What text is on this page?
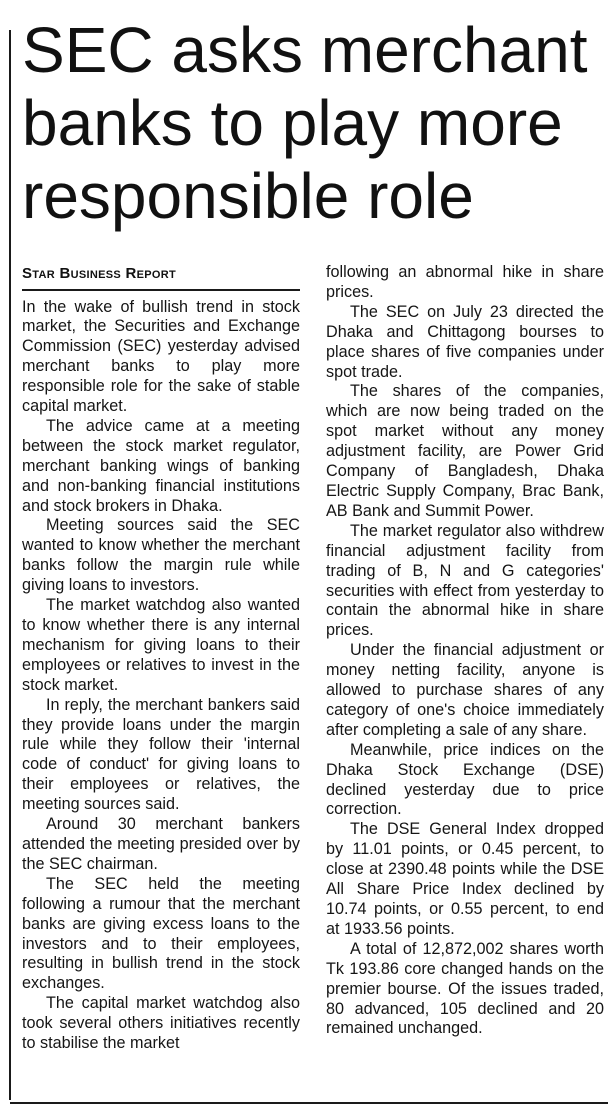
SEC asks merchant banks to play more responsible role
Star Business Report

In the wake of bullish trend in stock market, the Securities and Exchange Commission (SEC) yesterday advised merchant banks to play more responsible role for the sake of stable capital market.

The advice came at a meeting between the stock market regulator, merchant banking wings of banking and non-banking financial institutions and stock brokers in Dhaka.

Meeting sources said the SEC wanted to know whether the merchant banks follow the margin rule while giving loans to investors.

The market watchdog also wanted to know whether there is any internal mechanism for giving loans to their employees or relatives to invest in the stock market.

In reply, the merchant bankers said they provide loans under the margin rule while they follow their 'internal code of conduct' for giving loans to their employees or relatives, the meeting sources said.

Around 30 merchant bankers attended the meeting presided over by the SEC chairman.

The SEC held the meeting following a rumour that the merchant banks are giving excess loans to the investors and to their employees, resulting in bullish trend in the stock exchanges.

The capital market watchdog also took several others initiatives recently to stabilise the market

following an abnormal hike in share prices.

The SEC on July 23 directed the Dhaka and Chittagong bourses to place shares of five companies under spot trade.

The shares of the companies, which are now being traded on the spot market without any money adjustment facility, are Power Grid Company of Bangladesh, Dhaka Electric Supply Company, Brac Bank, AB Bank and Summit Power.

The market regulator also withdrew financial adjustment facility from trading of B, N and G categories' securities with effect from yesterday to contain the abnormal hike in share prices.

Under the financial adjustment or money netting facility, anyone is allowed to purchase shares of any category of one's choice immediately after completing a sale of any share.

Meanwhile, price indices on the Dhaka Stock Exchange (DSE) declined yesterday due to price correction.

The DSE General Index dropped by 11.01 points, or 0.45 percent, to close at 2390.48 points while the DSE All Share Price Index declined by 10.74 points, or 0.55 percent, to end at 1933.56 points.

A total of 12,872,002 shares worth Tk 193.86 core changed hands on the premier bourse. Of the issues traded, 80 advanced, 105 declined and 20 remained unchanged.
